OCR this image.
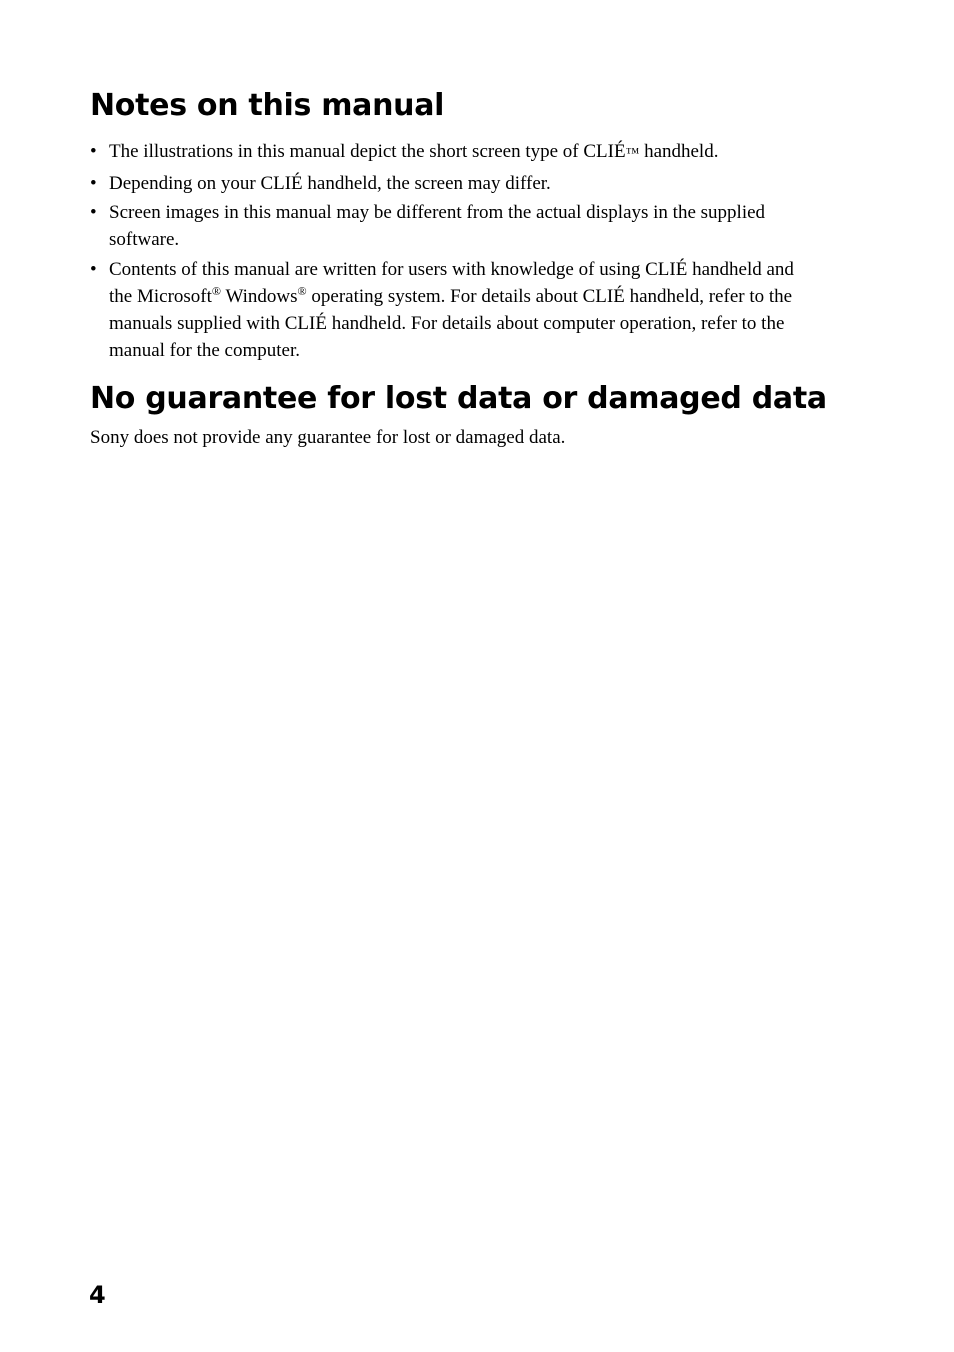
Notes on this manual
• The illustrations in this manual depict the short screen type of CLIÉ™ handheld.
• Depending on your CLIÉ handheld, the screen may differ.
• Screen images in this manual may be different from the actual displays in the supplied software.
• Contents of this manual are written for users with knowledge of using CLIÉ handheld and the Microsoft® Windows® operating system. For details about CLIÉ handheld, refer to the manuals supplied with CLIÉ handheld. For details about computer operation, refer to the manual for the computer.
No guarantee for lost data or damaged data

Sony does not provide any guarantee for lost or damaged data.

4
